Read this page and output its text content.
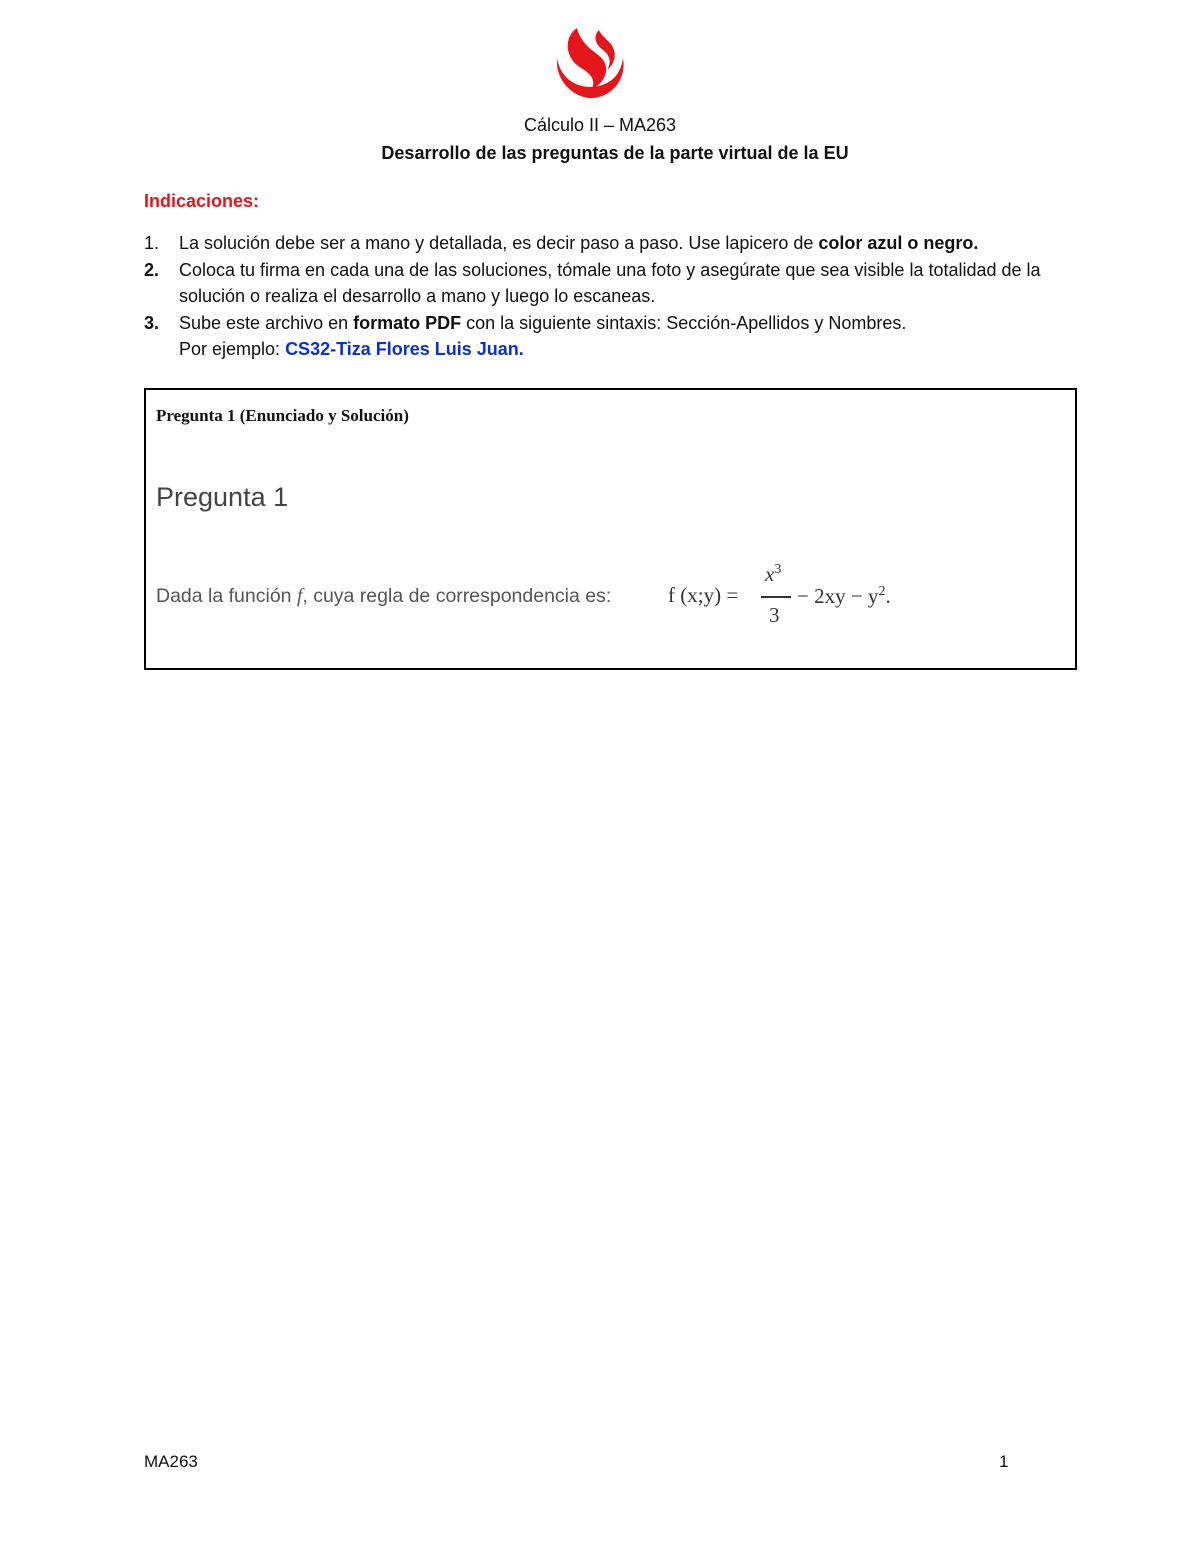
Cálculo II – MA263
Desarrollo de las preguntas de la parte virtual de la EU
Indicaciones:
1. La solución debe ser a mano y detallada, es decir paso a paso. Use lapicero de color azul o negro.
2. Coloca tu firma en cada una de las soluciones, tómale una foto y asegúrate que sea visible la totalidad de la solución o realiza el desarrollo a mano y luego lo escaneas.
3. Sube este archivo en formato PDF con la siguiente sintaxis: Sección-Apellidos y Nombres.
Por ejemplo: CS32-Tiza Flores Luis Juan.
Pregunta 1 (Enunciado y Solución)
Pregunta 1
Dada la función f, cuya regla de correspondencia es:	f (x;y) =
$x^3$
3
− $2xy - y^2$.
MA263	1
